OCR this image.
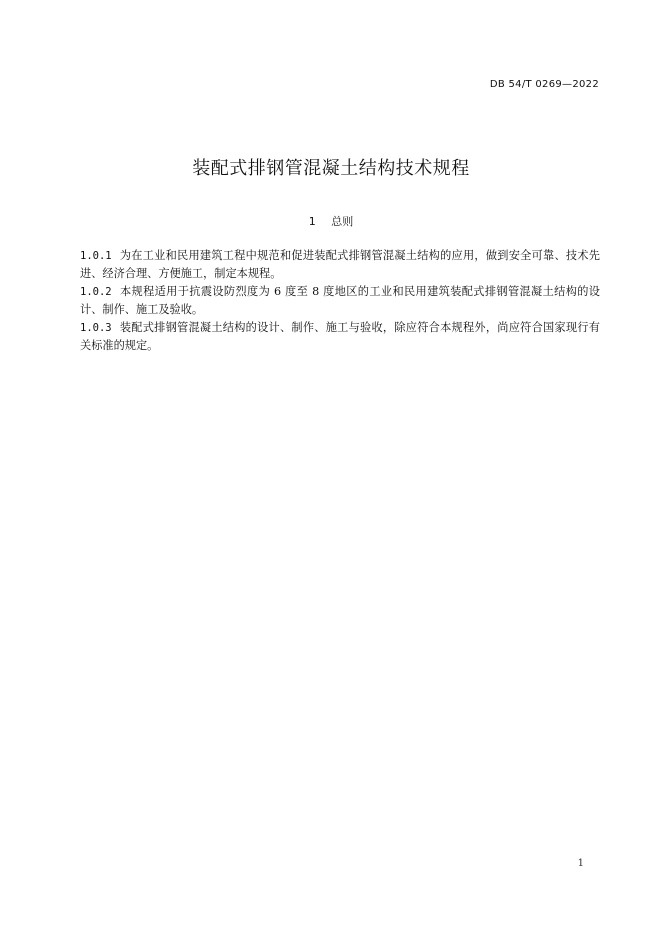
DB 54/T 0269—2022
装配式排钢管混凝土结构技术规程
1 总则
1.0.1 为在工业和民用建筑工程中规范和促进装配式排钢管混凝土结构的应用，做到安全可靠、技术先进、经济合理、方便施工，制定本规程。
1.0.2 本规程适用于抗震设防烈度为 6 度至 8 度地区的工业和民用建筑装配式排钢管混凝土结构的设计、制作、施工及验收。
1.0.3 装配式排钢管混凝土结构的设计、制作、施工与验收，除应符合本规程外，尚应符合国家现行有关标准的规定。
1
